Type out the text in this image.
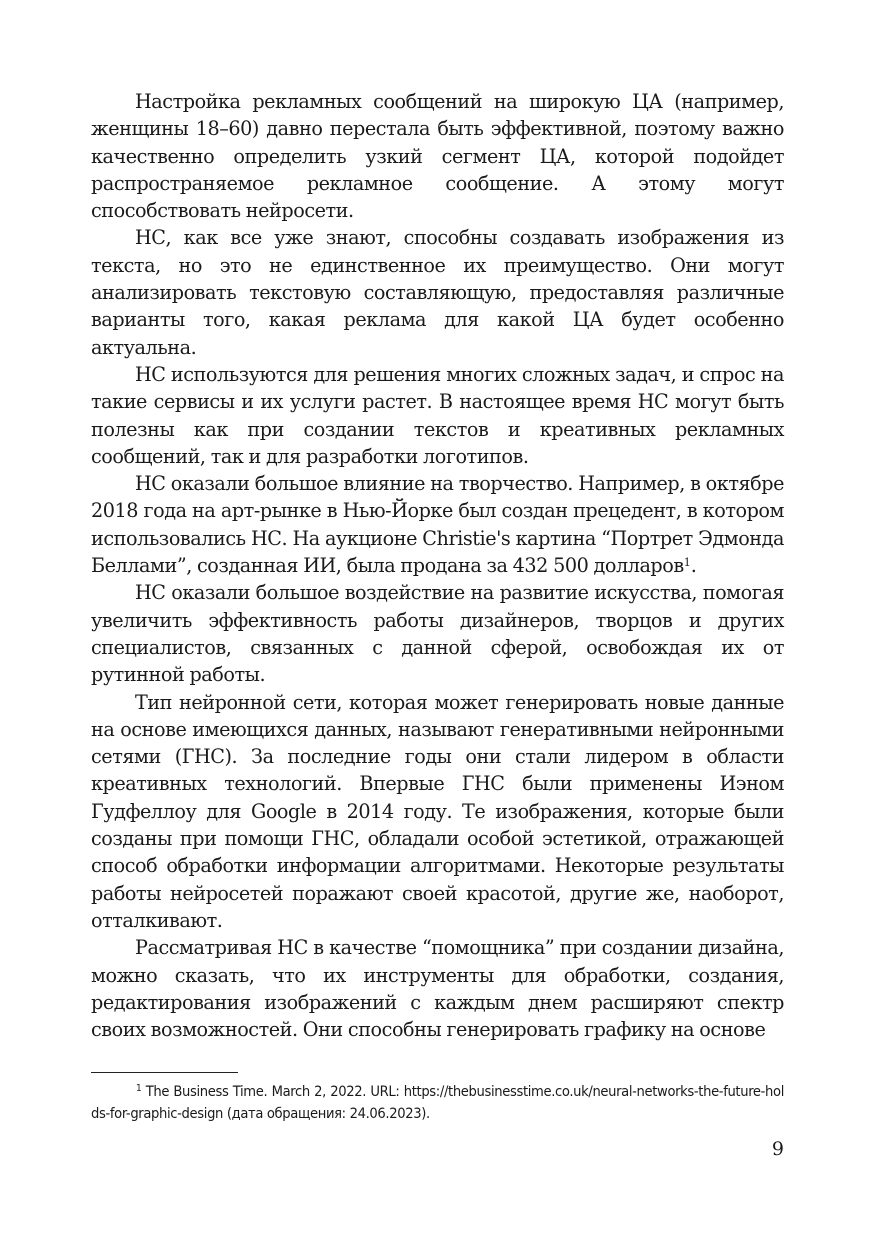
Настройка рекламных сообщений на широкую ЦА (например, женщины 18–60) давно перестала быть эффективной, поэтому важно качественно определить узкий сегмент ЦА, которой подойдет распространяемое рекламное сообщение. А этому могут способствовать нейросети.

НС, как все уже знают, способны создавать изображения из текста, но это не единственное их преимущество. Они могут анализировать текстовую составляющую, предоставляя различные варианты того, какая реклама для какой ЦА будет особенно актуальна.

НС используются для решения многих сложных задач, и спрос на такие сервисы и их услуги растет. В настоящее время НС могут быть полезны как при создании текстов и креативных рекламных сообщений, так и для разработки логотипов.

НС оказали большое влияние на творчество. Например, в октябре 2018 года на арт-рынке в Нью-Йорке был создан прецедент, в котором использовались НС. На аукционе Christie's картина “Портрет Эдмонда Беллами”, созданная ИИ, была продана за 432 500 долларов$^1$.

НС оказали большое воздействие на развитие искусства, помогая увеличить эффективность работы дизайнеров, творцов и других специалистов, связанных с данной сферой, освобождая их от рутинной работы.

Тип нейронной сети, которая может генерировать новые данные на основе имеющихся данных, называют генеративными нейронными сетями (ГНС). За последние годы они стали лидером в области креативных технологий. Впервые ГНС были применены Иэном Гудфеллоу для Google в 2014 году. Те изображения, которые были созданы при помощи ГНС, обладали особой эстетикой, отражающей способ обработки информации алгоритмами. Некоторые результаты работы нейросетей поражают своей красотой, другие же, наоборот, отталкивают.

Рассматривая НС в качестве “помощника” при создании дизайна, можно сказать, что их инструменты для обработки, создания, редактирования изображений с каждым днем расширяют спектр своих возможностей. Они способны генерировать графику на основе

$^1$ The Business Time. March 2, 2022. URL: https://thebusinesstime.co.uk/neural-networks-the-future-holds-for-graphic-design (дата обращения: 24.06.2023).

9
